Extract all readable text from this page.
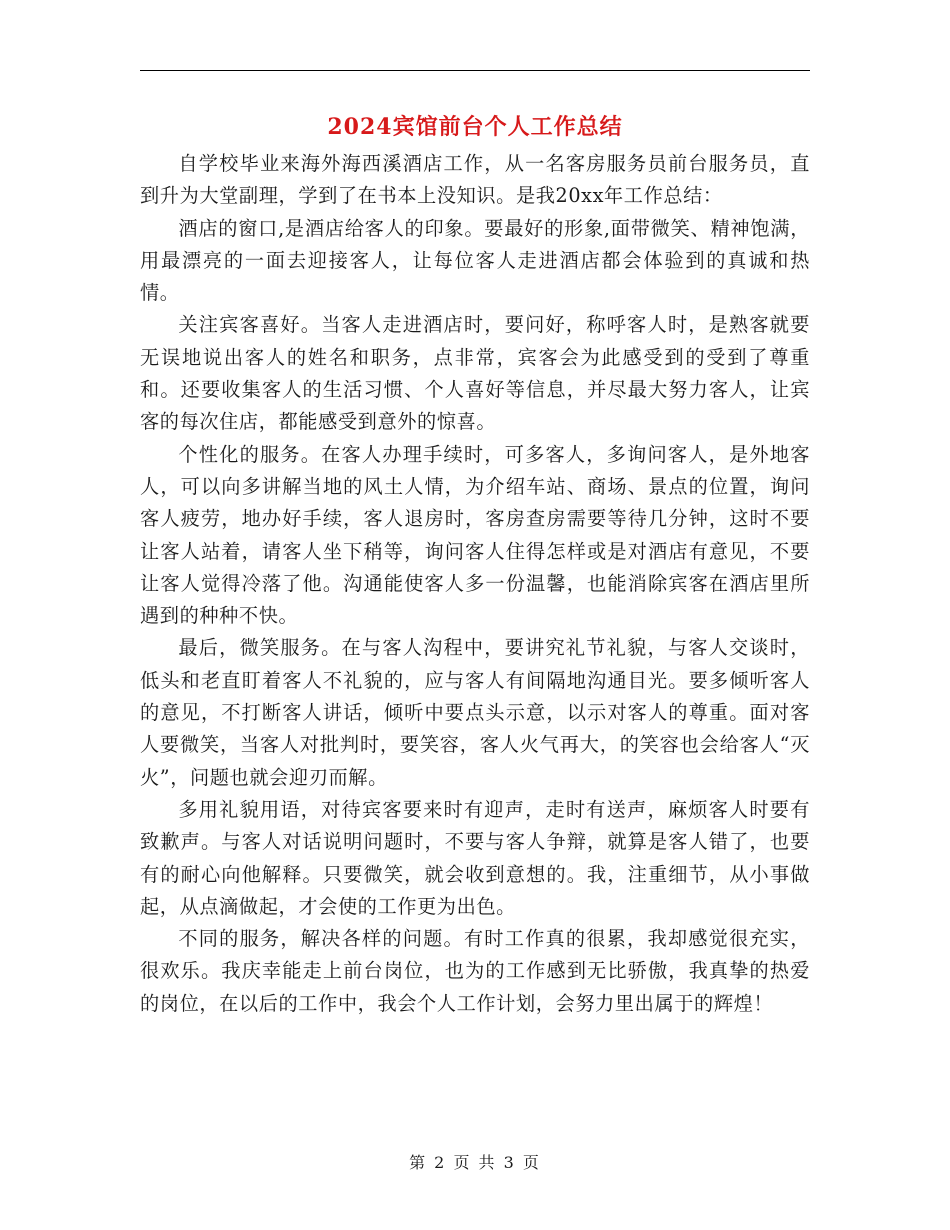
2024宾馆前台个人工作总结

自学校毕业来海外海西溪酒店工作，从一名客房服务员前台服务员，直到升为大堂副理，学到了在书本上没知识。是我20xx年工作总结：

酒店的窗口,是酒店给客人的印象。要最好的形象,面带微笑、精神饱满，用最漂亮的一面去迎接客人，让每位客人走进酒店都会体验到的真诚和热情。

关注宾客喜好。当客人走进酒店时，要问好，称呼客人时，是熟客就要无误地说出客人的姓名和职务，点非常，宾客会为此感受到的受到了尊重和。还要收集客人的生活习惯、个人喜好等信息，并尽最大努力客人，让宾客的每次住店，都能感受到意外的惊喜。

个性化的服务。在客人办理手续时，可多客人，多询问客人，是外地客人，可以向多讲解当地的风土人情，为介绍车站、商场、景点的位置，询问客人疲劳，地办好手续，客人退房时，客房查房需要等待几分钟，这时不要让客人站着，请客人坐下稍等，询问客人住得怎样或是对酒店有意见，不要让客人觉得冷落了他。沟通能使客人多一份温馨，也能消除宾客在酒店里所遇到的种种不快。

最后，微笑服务。在与客人沟程中，要讲究礼节礼貌，与客人交谈时，低头和老直盯着客人不礼貌的，应与客人有间隔地沟通目光。要多倾听客人的意见，不打断客人讲话，倾听中要点头示意，以示对客人的尊重。面对客人要微笑，当客人对批判时，要笑容，客人火气再大，的笑容也会给客人“灭火”，问题也就会迎刃而解。

多用礼貌用语，对待宾客要来时有迎声，走时有送声，麻烦客人时要有致歉声。与客人对话说明问题时，不要与客人争辩，就算是客人错了，也要有的耐心向他解释。只要微笑，就会收到意想的。我，注重细节，从小事做起，从点滴做起，才会使的工作更为出色。

不同的服务，解决各样的问题。有时工作真的很累，我却感觉很充实，很欢乐。我庆幸能走上前台岗位，也为的工作感到无比骄傲，我真挚的热爱的岗位，在以后的工作中，我会个人工作计划，会努力里出属于的辉煌！

第 2 页 共 3 页
